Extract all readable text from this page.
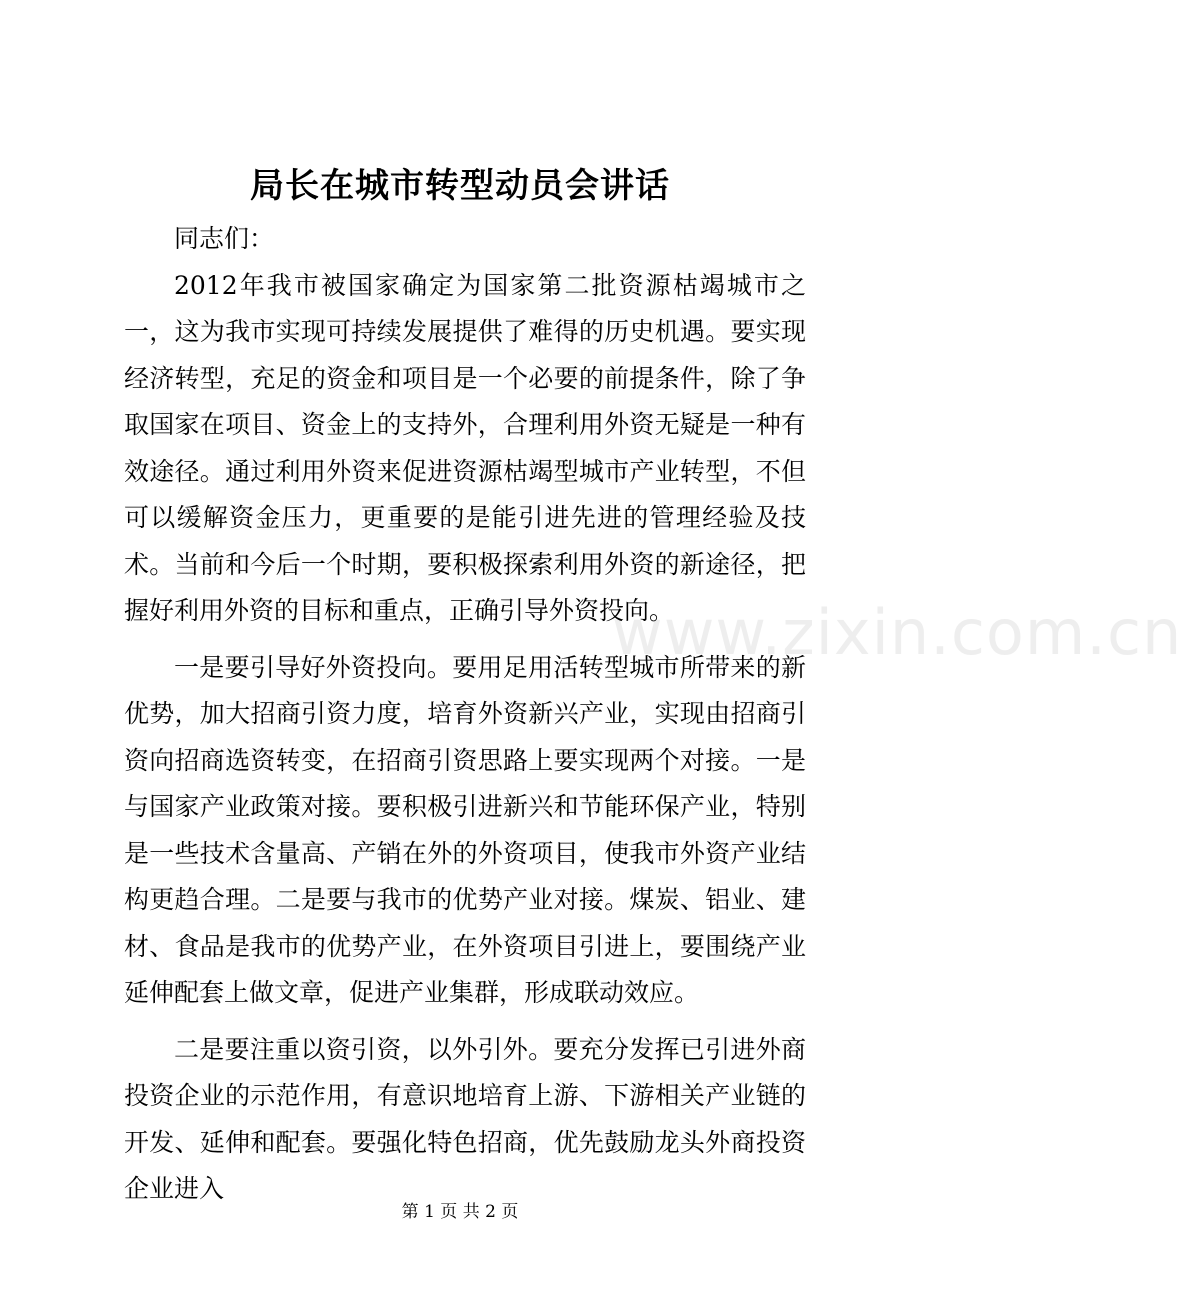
局长在城市转型动员会讲话

同志们：

2012年我市被国家确定为国家第二批资源枯竭城市之一，这为我市实现可持续发展提供了难得的历史机遇。要实现经济转型，充足的资金和项目是一个必要的前提条件，除了争取国家在项目、资金上的支持外，合理利用外资无疑是一种有效途径。通过利用外资来促进资源枯竭型城市产业转型，不但可以缓解资金压力，更重要的是能引进先进的管理经验及技术。当前和今后一个时期，要积极探索利用外资的新途径，把握好利用外资的目标和重点，正确引导外资投向。

一是要引导好外资投向。要用足用活转型城市所带来的新优势，加大招商引资力度，培育外资新兴产业，实现由招商引资向招商选资转变，在招商引资思路上要实现两个对接。一是与国家产业政策对接。要积极引进新兴和节能环保产业，特别是一些技术含量高、产销在外的外资项目，使我市外资产业结构更趋合理。二是要与我市的优势产业对接。煤炭、铝业、建材、食品是我市的优势产业，在外资项目引进上，要围绕产业延伸配套上做文章，促进产业集群，形成联动效应。

二是要注重以资引资，以外引外。要充分发挥已引进外商投资企业的示范作用，有意识地培育上游、下游相关产业链的开发、延伸和配套。要强化特色招商，优先鼓励龙头外商投资企业进入

www.zixin.com.cn
第 1 页 共 2 页
